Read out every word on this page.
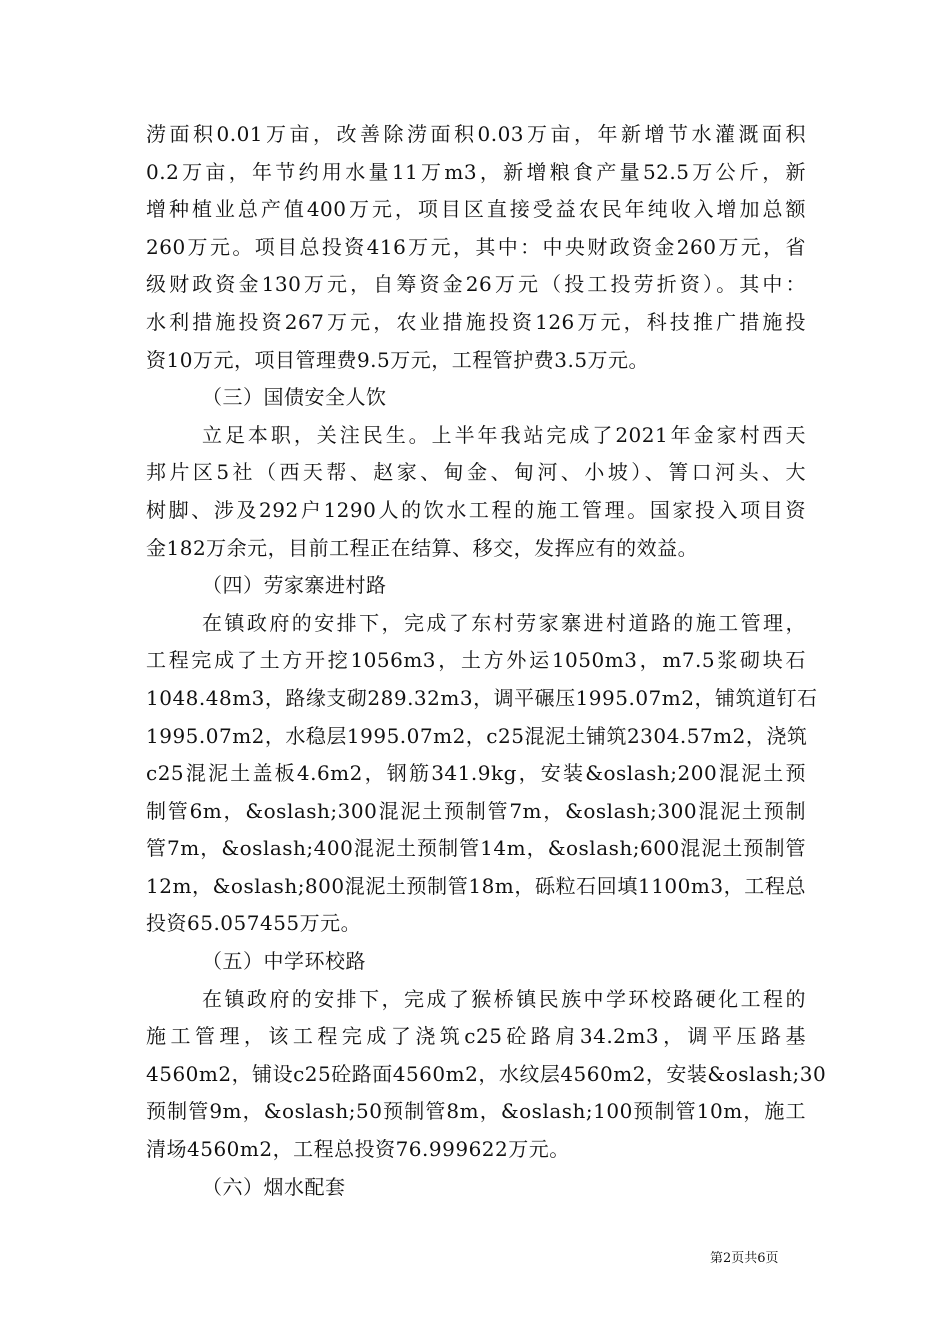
涝面积0.01万亩，改善除涝面积0.03万亩，年新增节水灌溉面积
0.2万亩，年节约用水量11万m3，新增粮食产量52.5万公斤，新
增种植业总产值400万元，项目区直接受益农民年纯收入增加总额
260万元。项目总投资416万元，其中：中央财政资金260万元，省
级财政资金130万元，自筹资金26万元（投工投劳折资）。其中：
水利措施投资267万元，农业措施投资126万元，科技推广措施投
资10万元，项目管理费9.5万元，工程管护费3.5万元。
（三）国债安全人饮
立足本职，关注民生。上半年我站完成了2021年金家村西天
邦片区5社（西天帮、赵家、甸金、甸河、小坡）、箐口河头、大
树脚、涉及292户1290人的饮水工程的施工管理。国家投入项目资
金182万余元，目前工程正在结算、移交，发挥应有的效益。
（四）劳家寨进村路
在镇政府的安排下，完成了东村劳家寨进村道路的施工管理，
工程完成了土方开挖1056m3，土方外运1050m3，m7.5浆砌块石
1048.48m3，路缘支砌289.32m3，调平碾压1995.07m2，铺筑道钉石
1995.07m2，水稳层1995.07m2，c25混泥土铺筑2304.57m2，浇筑
c25混泥土盖板4.6m2，钢筋341.9kg，安装&oslash;200混泥土预
制管6m，&oslash;300混泥土预制管7m，&oslash;300混泥土预制
管7m，&oslash;400混泥土预制管14m，&oslash;600混泥土预制管
12m，&oslash;800混泥土预制管18m，砾粒石回填1100m3，工程总
投资65.057455万元。
（五）中学环校路
在镇政府的安排下，完成了猴桥镇民族中学环校路硬化工程的
施工管理，该工程完成了浇筑c25砼路肩34.2m3，调平压路基
4560m2，铺设c25砼路面4560m2，水纹层4560m2，安装&oslash;30
预制管9m，&oslash;50预制管8m，&oslash;100预制管10m，施工
清场4560m2，工程总投资76.999622万元。
（六）烟水配套
第2页共6页
